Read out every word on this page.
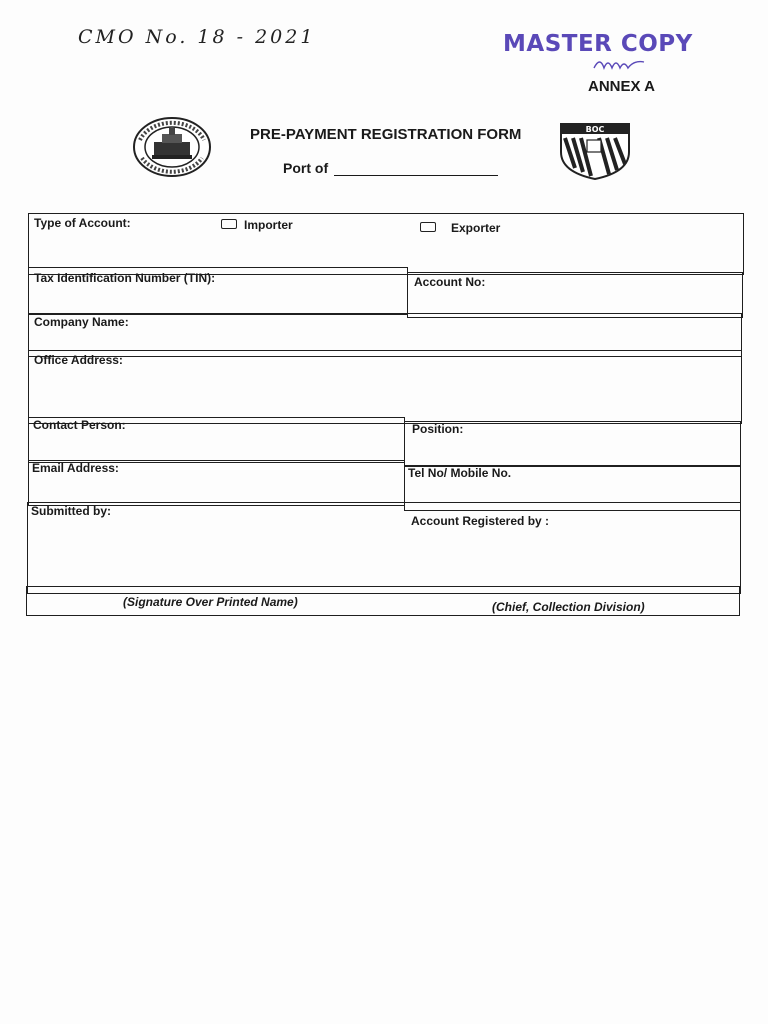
CMO No. 18 - 2021	MASTER COPY
ANNEX A
PRE-PAYMENT REGISTRATION FORM
Port of
BOC
Type of Account:	Importer	Exporter
Tax Identification Number (TIN):	Account No:
Company Name:
Office Address:
Contact Person:	Position:
Email Address:	Tel No/ Mobile No.
Submitted by:
Account Registered by :
(Signature Over Printed Name)	(Chief, Collection Division)
